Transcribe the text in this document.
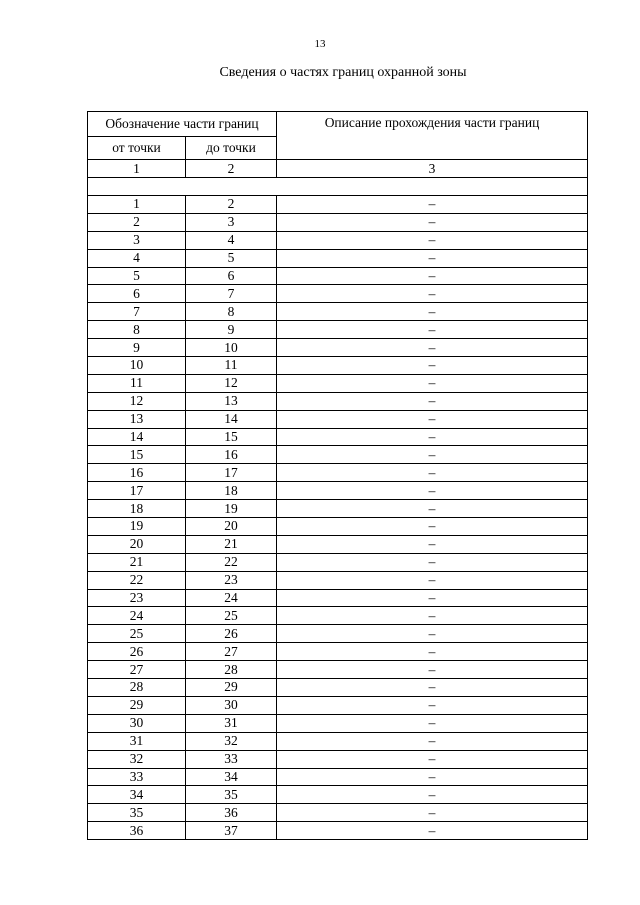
13
Сведения о частях границ охранной зоны
Обозначение части границ		Описание прохождения части границ
от точки	до точки	
1	2	3

1	2	–
2	3	–
3	4	–
4	5	–
5	6	–
6	7	–
7	8	–
8	9	–
9	10	–
10	11	–
11	12	–
12	13	–
13	14	–
14	15	–
15	16	–
16	17	–
17	18	–
18	19	–
19	20	–
20	21	–
21	22	–
22	23	–
23	24	–
24	25	–
25	26	–
26	27	–
27	28	–
28	29	–
29	30	–
30	31	–
31	32	–
32	33	–
33	34	–
34	35	–
35	36	–
36	37	–
